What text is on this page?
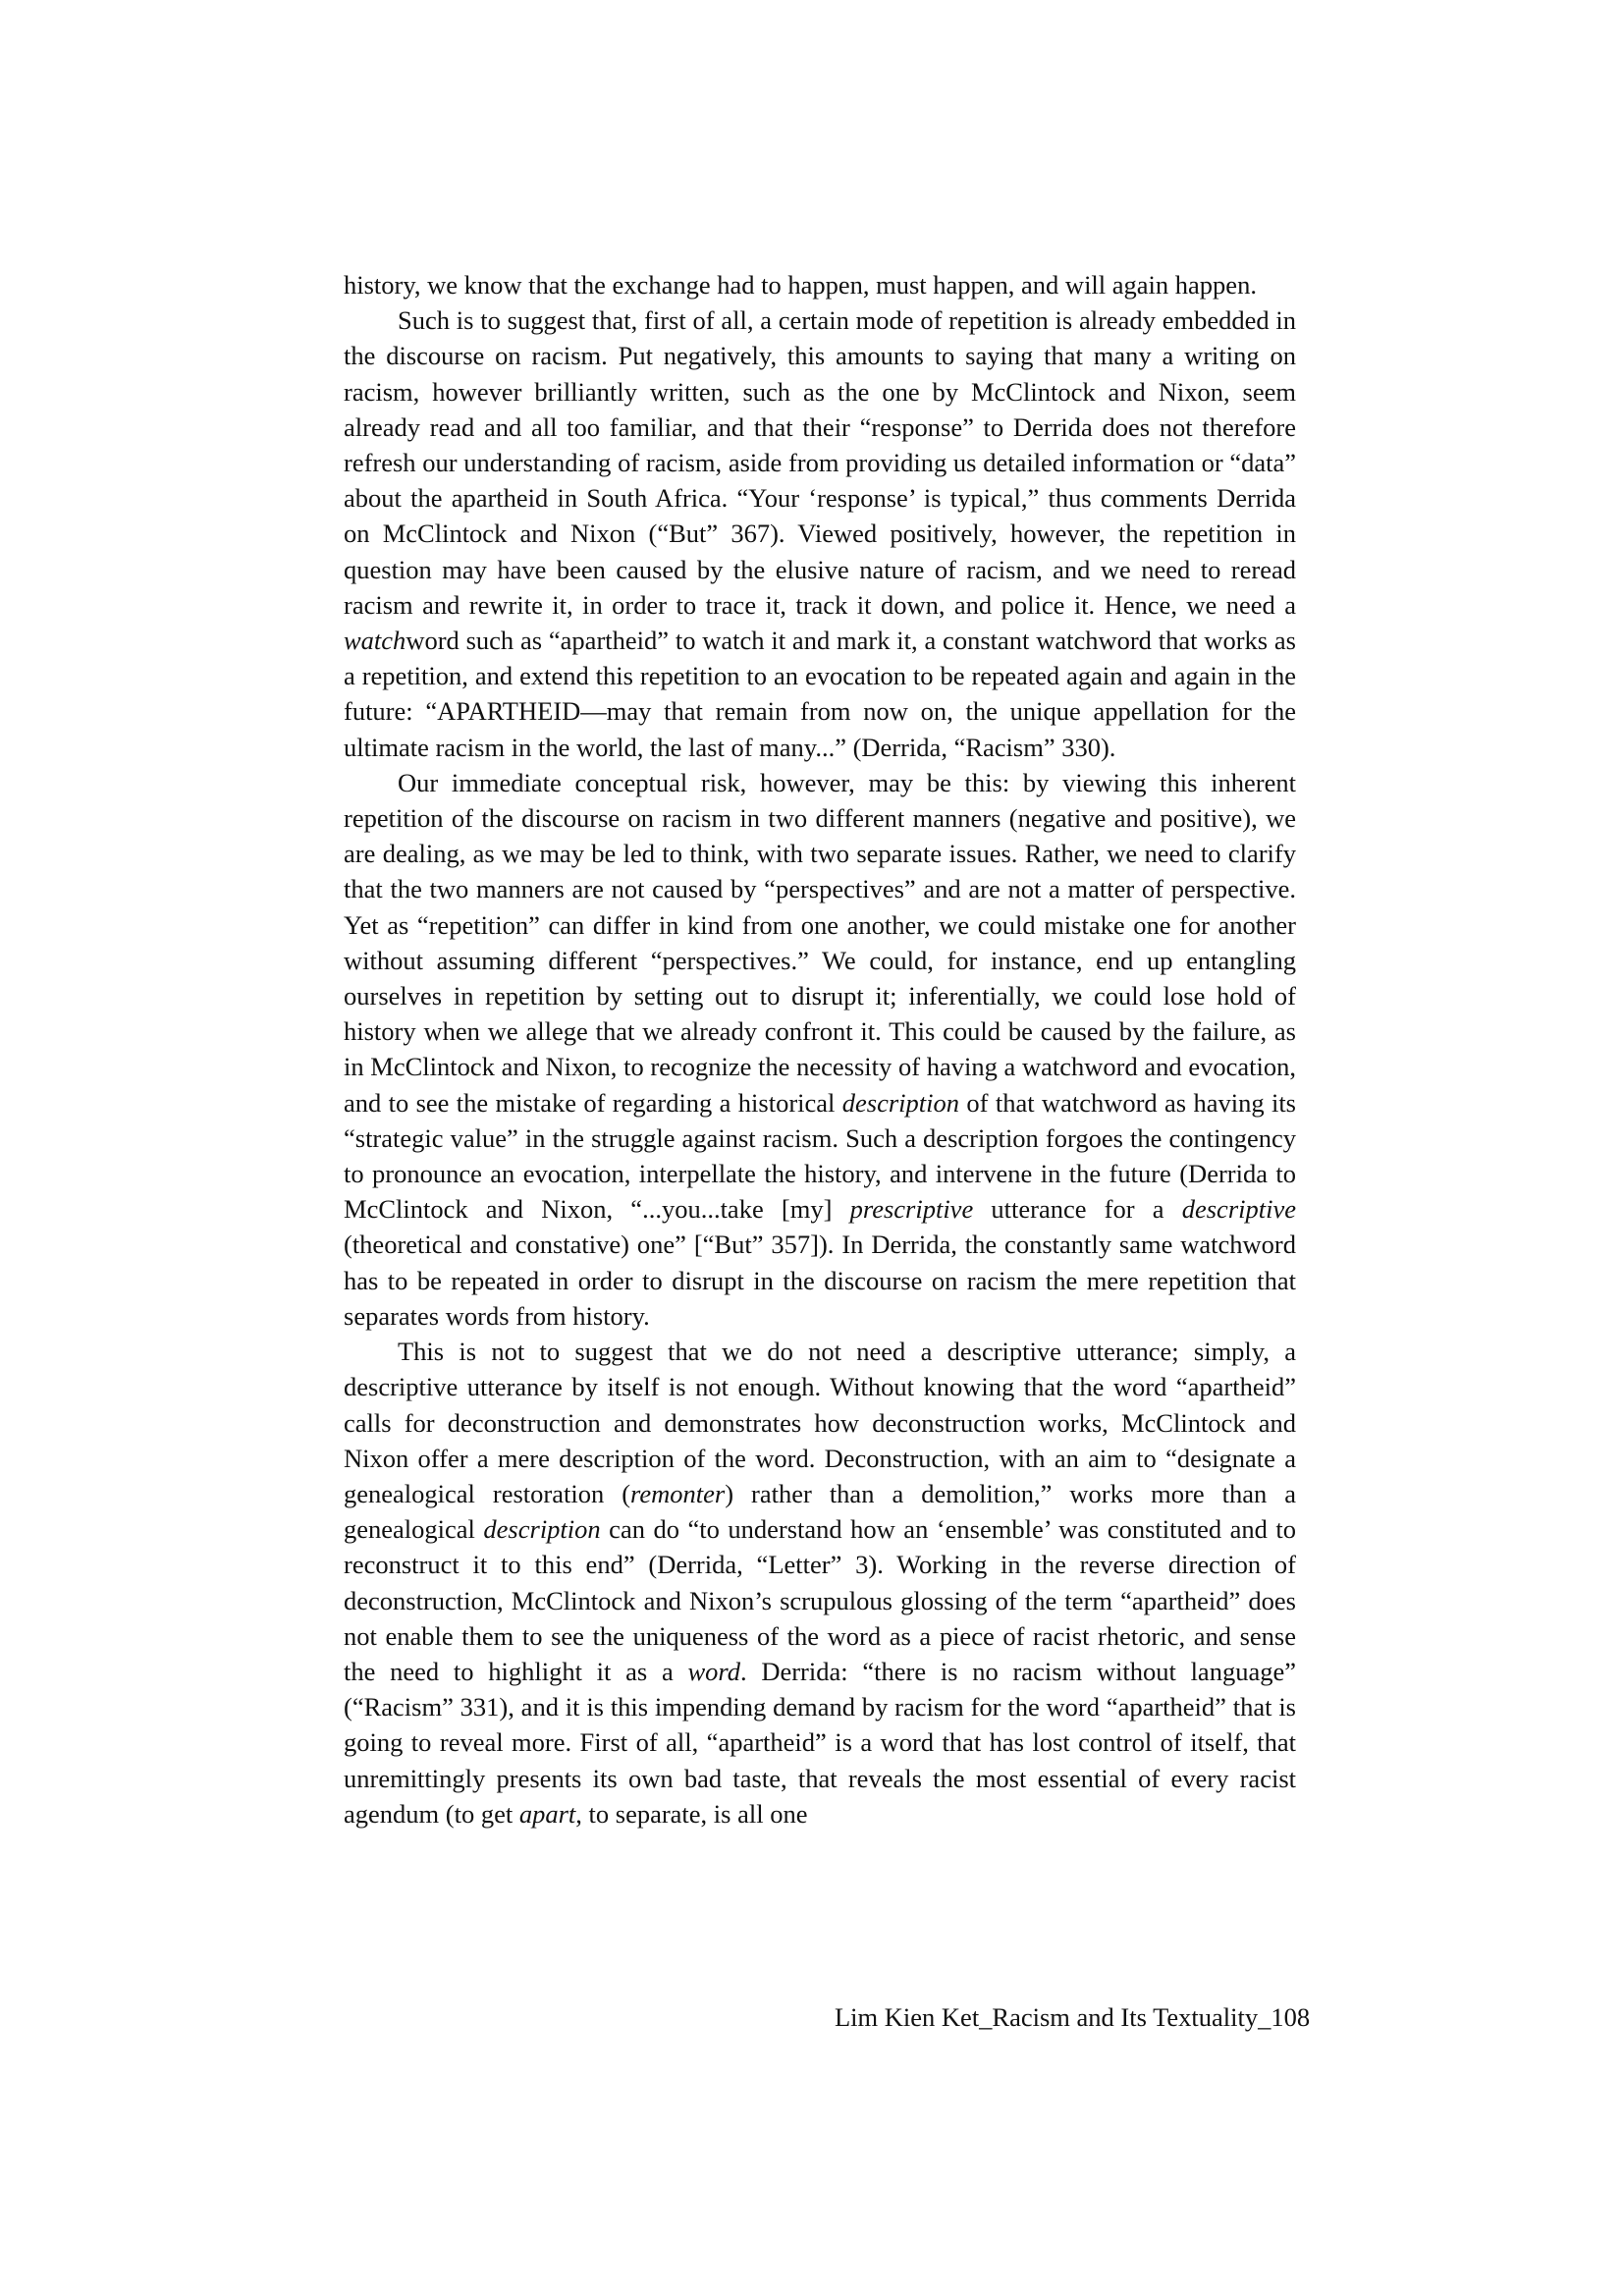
history, we know that the exchange had to happen, must happen, and will again happen.

Such is to suggest that, first of all, a certain mode of repetition is already embedded in the discourse on racism. Put negatively, this amounts to saying that many a writing on racism, however brilliantly written, such as the one by McClintock and Nixon, seem already read and all too familiar, and that their “response” to Derrida does not therefore refresh our understanding of racism, aside from providing us detailed information or “data” about the apartheid in South Africa. “Your ‘response’ is typical,” thus comments Derrida on McClintock and Nixon (“But” 367). Viewed positively, however, the repetition in question may have been caused by the elusive nature of racism, and we need to reread racism and rewrite it, in order to trace it, track it down, and police it. Hence, we need a watchword such as “apartheid” to watch it and mark it, a constant watchword that works as a repetition, and extend this repetition to an evocation to be repeated again and again in the future: “APARTHEID—may that remain from now on, the unique appellation for the ultimate racism in the world, the last of many...” (Derrida, “Racism” 330).

Our immediate conceptual risk, however, may be this: by viewing this inherent repetition of the discourse on racism in two different manners (negative and positive), we are dealing, as we may be led to think, with two separate issues. Rather, we need to clarify that the two manners are not caused by “perspectives” and are not a matter of perspective. Yet as “repetition” can differ in kind from one another, we could mistake one for another without assuming different “perspectives.” We could, for instance, end up entangling ourselves in repetition by setting out to disrupt it; inferentially, we could lose hold of history when we allege that we already confront it. This could be caused by the failure, as in McClintock and Nixon, to recognize the necessity of having a watchword and evocation, and to see the mistake of regarding a historical description of that watchword as having its “strategic value” in the struggle against racism. Such a description forgoes the contingency to pronounce an evocation, interpellate the history, and intervene in the future (Derrida to McClintock and Nixon, “...you...take [my] prescriptive utterance for a descriptive (theoretical and constative) one” [“But” 357]). In Derrida, the constantly same watchword has to be repeated in order to disrupt in the discourse on racism the mere repetition that separates words from history.

This is not to suggest that we do not need a descriptive utterance; simply, a descriptive utterance by itself is not enough. Without knowing that the word “apartheid” calls for deconstruction and demonstrates how deconstruction works, McClintock and Nixon offer a mere description of the word. Deconstruction, with an aim to “designate a genealogical restoration (remonter) rather than a demolition,” works more than a genealogical description can do “to understand how an ‘ensemble’ was constituted and to reconstruct it to this end” (Derrida, “Letter” 3). Working in the reverse direction of deconstruction, McClintock and Nixon’s scrupulous glossing of the term “apartheid” does not enable them to see the uniqueness of the word as a piece of racist rhetoric, and sense the need to highlight it as a word. Derrida: “there is no racism without language” (“Racism” 331), and it is this impending demand by racism for the word “apartheid” that is going to reveal more. First of all, “apartheid” is a word that has lost control of itself, that unremittingly presents its own bad taste, that reveals the most essential of every racist agendum (to get apart, to separate, is all one

Lim Kien Ket_Racism and Its Textuality_108
